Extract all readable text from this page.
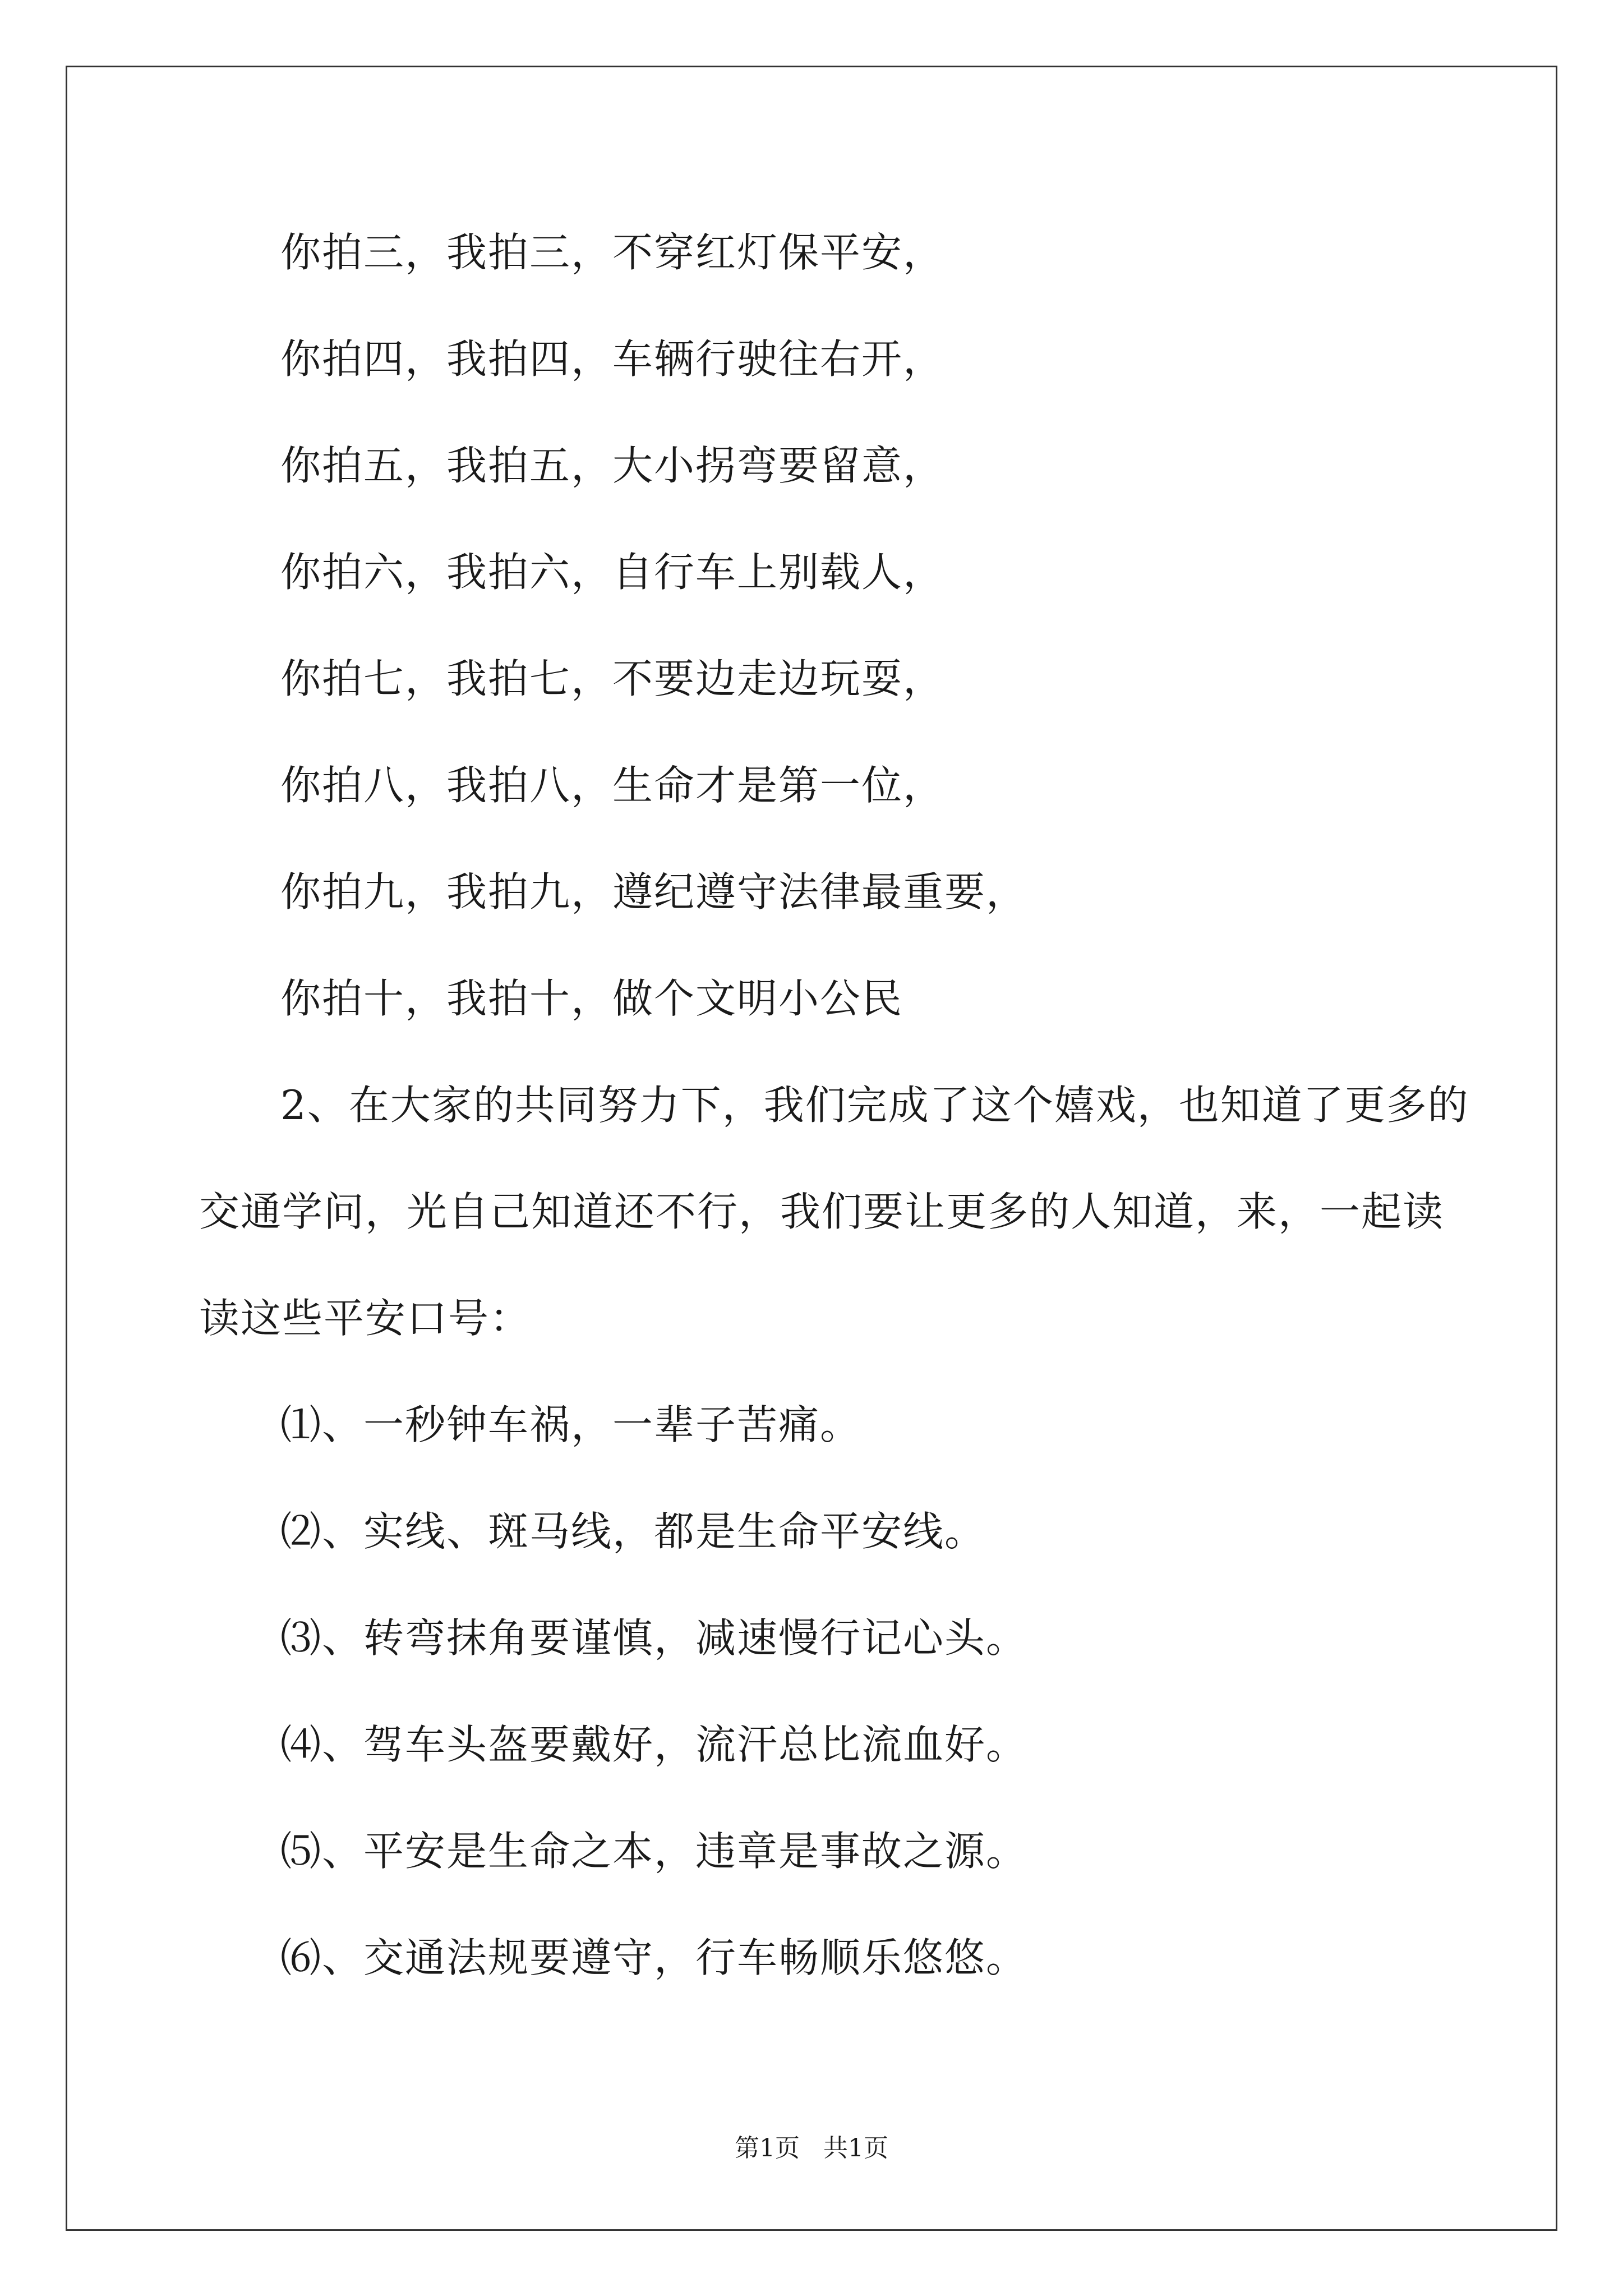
你拍三，我拍三，不穿红灯保平安，
你拍四，我拍四，车辆行驶往右开，
你拍五，我拍五，大小拐弯要留意，
你拍六，我拍六，自行车上别载人，
你拍七，我拍七，不要边走边玩耍，
你拍八，我拍八，生命才是第一位，
你拍九，我拍九，遵纪遵守法律最重要，
你拍十，我拍十，做个文明小公民
2、在大家的共同努力下，我们完成了这个嬉戏，也知道了更多的
交通学问，光自己知道还不行，我们要让更多的人知道，来，一起读
读这些平安口号：
⑴、一秒钟车祸，一辈子苦痛。
⑵、实线、斑马线，都是生命平安线。
⑶、转弯抹角要谨慎，减速慢行记心头。
⑷、驾车头盔要戴好，流汗总比流血好。
⑸、平安是生命之本，违章是事故之源。
⑹、交通法规要遵守，行车畅顺乐悠悠。
第1页   共1页
